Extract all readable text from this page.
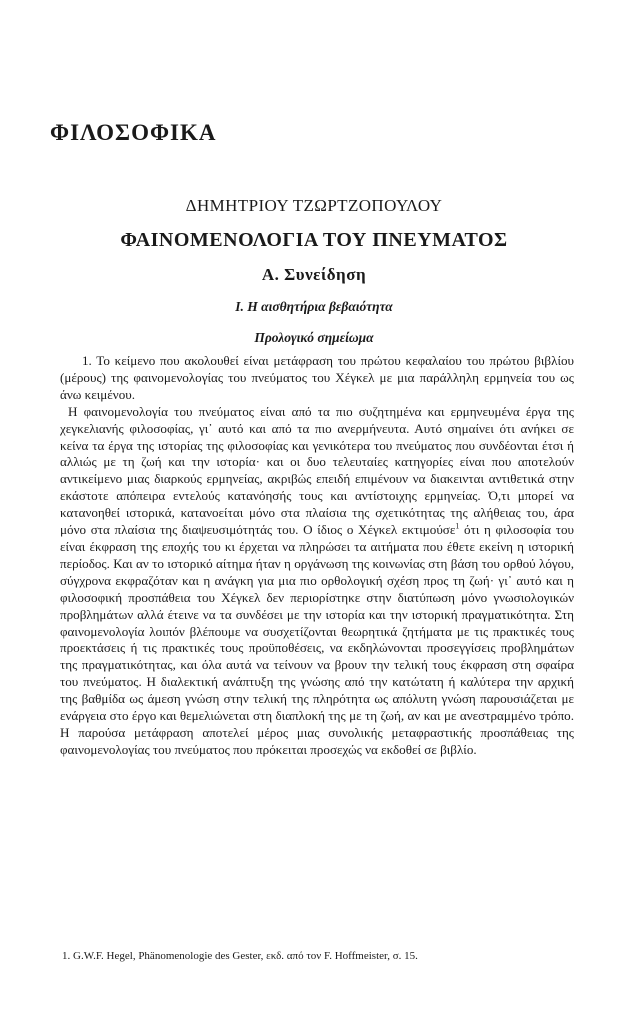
ΦΙΛΟΣΟΦΙΚΑ
ΔΗΜΗΤΡΙΟΥ ΤΖΩΡΤΖΟΠΟΥΛΟΥ
ΦΑΙΝΟΜΕΝΟΛΟΓΙΑ ΤΟΥ ΠΝΕΥΜΑΤΟΣ
Α. Συνείδηση
Ι. Η αισθητήρια βεβαιότητα
Προλογικό σημείωμα

1. Το κείμενο που ακολουθεί είναι μετάφραση του πρώτου κεφαλαίου του πρώτου βιβλίου (μέρους) της φαινομενολογίας του πνεύματος του Χέγκελ με μια παράλληλη ερμηνεία του ως άνω κειμένου.

Η φαινομενολογία του πνεύματος είναι από τα πιο συζητημένα και ερμηνευμένα έργα της χεγκελιανής φιλοσοφίας, γι᾽ αυτό και από τα πιο ανερμήνευτα. Αυτό σημαίνει ότι ανήκει σε κείνα τα έργα της ιστορίας της φιλοσοφίας και γενικότερα του πνεύματος που συνδέονται έτσι ή αλλιώς με τη ζωή και την ιστορία· και οι δυο τελευταίες κατηγορίες είναι που αποτελούν αντικείμενο μιας διαρκούς ερμηνείας, ακριβώς επειδή επιμένουν να διακεινται αντιθετικά στην εκάστοτε απόπειρα εντελούς κατανόησής τους και αντίστοιχης ερμηνείας. Ό,τι μπορεί να κατανοηθεί ιστορικά, κατανοείται μόνο στα πλαίσια της σχετικότητας της αλήθειας του, άρα μόνο στα πλαίσια της διαψευσιμότητάς του. Ο ίδιος ο Χέγκελ εκτιμούσε$^1$ ότι η φιλοσοφία του είναι έκφραση της εποχής του κι έρχεται να πληρώσει τα αιτήματα που έθετε εκείνη η ιστορική περίοδος. Και αν το ιστορικό αίτημα ήταν η οργάνωση της κοινωνίας στη βάση του ορθού λόγου, σύγχρονα εκφραζόταν και η ανάγκη για μια πιο ορθολογική σχέση προς τη ζωή· γι᾽ αυτό και η φιλοσοφική προσπάθεια του Χέγκελ δεν περιορίστηκε στην διατύπωση μόνο γνωσιολογικών προβλημάτων αλλά έτεινε να τα συνδέσει με την ιστορία και την ιστορική πραγματικότητα. Στη φαινομενολογία λοιπόν βλέπουμε να συσχετίζονται θεωρητικά ζητήματα με τις πρακτικές τους προεκτάσεις ή τις πρακτικές τους προϋποθέσεις, να εκδηλώνονται προσεγγίσεις προβλημάτων της πραγματικότητας, και όλα αυτά να τείνουν να βρουν την τελική τους έκφραση στη σφαίρα του πνεύματος. Η διαλεκτική ανάπτυξη της γνώσης από την κατώτατη ή καλύτερα την αρχική της βαθμίδα ως άμεση γνώση στην τελική της πληρότητα ως απόλυτη γνώση παρουσιάζεται με ενάργεια στο έργο και θεμελιώνεται στη διαπλοκή της με τη ζωή, αν και με ανεστραμμένο τρόπο. Η παρούσα μετάφραση αποτελεί μέρος μιας συνολικής μεταφραστικής προσπάθειας της φαινομενολογίας του πνεύματος που πρόκειται προσεχώς να εκδοθεί σε βιβλίο.

1. G.W.F. Hegel, Phänomenologie des Gester, εκδ. από τον F. Hoffmeister, σ. 15.
